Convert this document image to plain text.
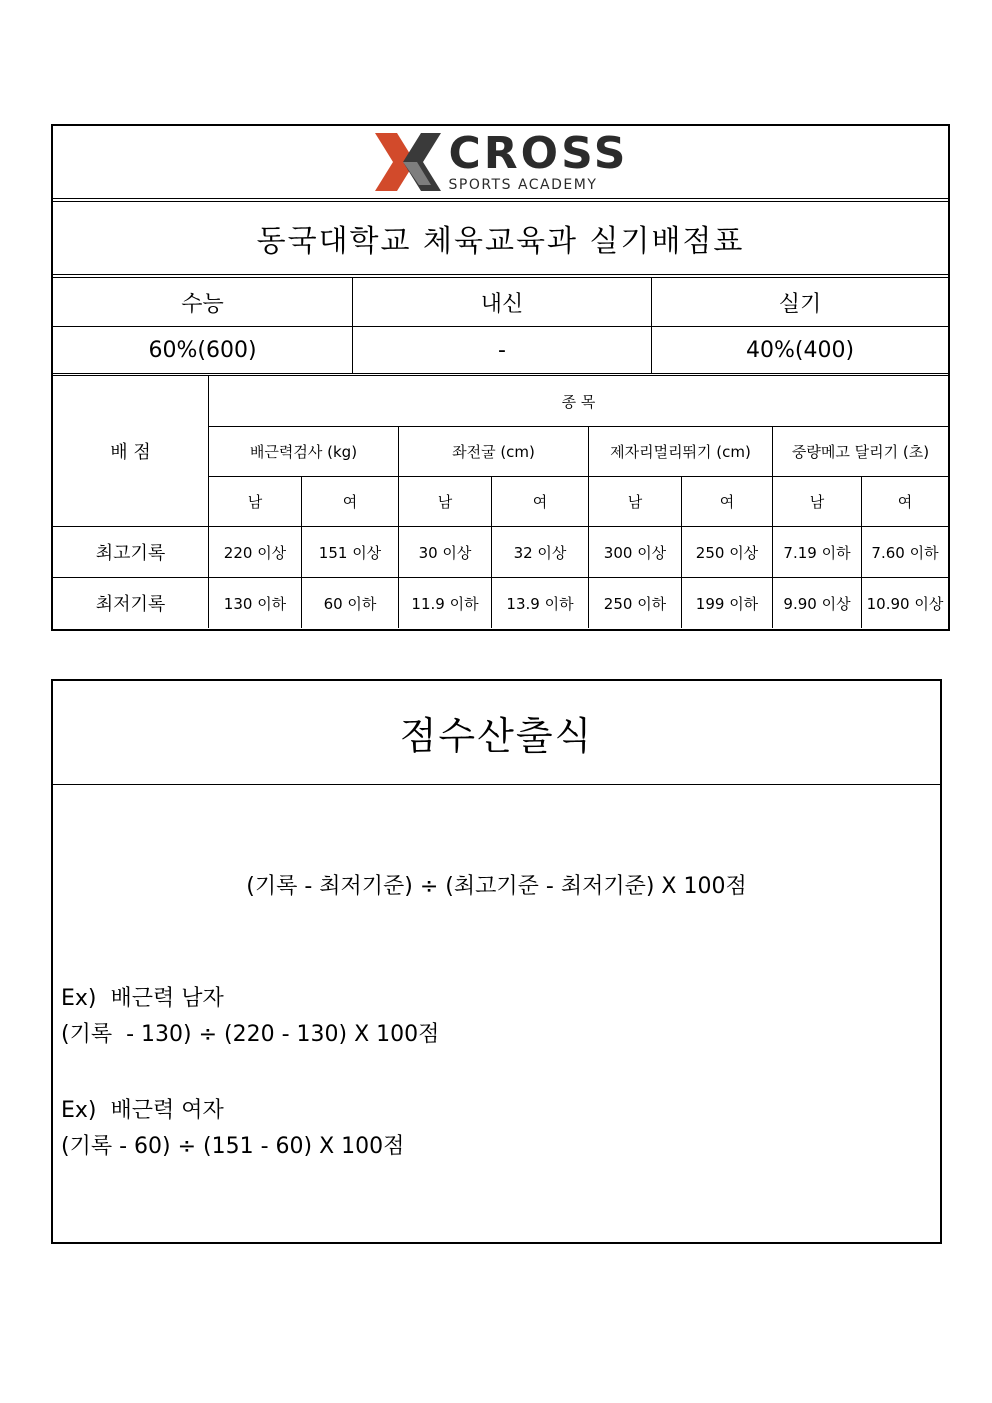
CROSS
SPORTS ACADEMY
동국대학교 체육교육과 실기배점표
수능	내신	실기
60%(600)	-	40%(400)
배 점
종 목
배근력검사 (kg)	좌전굴 (cm)	제자리멀리뛰기 (cm)	중량메고 달리기 (초)
남	여	남	여	남	여	남	여
최고기록	220 이상	151 이상	30 이상	32 이상	300 이상	250 이상	7.19 이하	7.60 이하
최저기록	130 이하	60 이하	11.9 이하	13.9 이하	250 이하	199 이하	9.90 이상	10.90 이상
점수산출식
(기록 - 최저기준) ÷ (최고기준 - 최저기준) X 100점
Ex)  배근력 남자
(기록  - 130) ÷ (220 - 130) X 100점
Ex)  배근력 여자
(기록 - 60) ÷ (151 - 60) X 100점
